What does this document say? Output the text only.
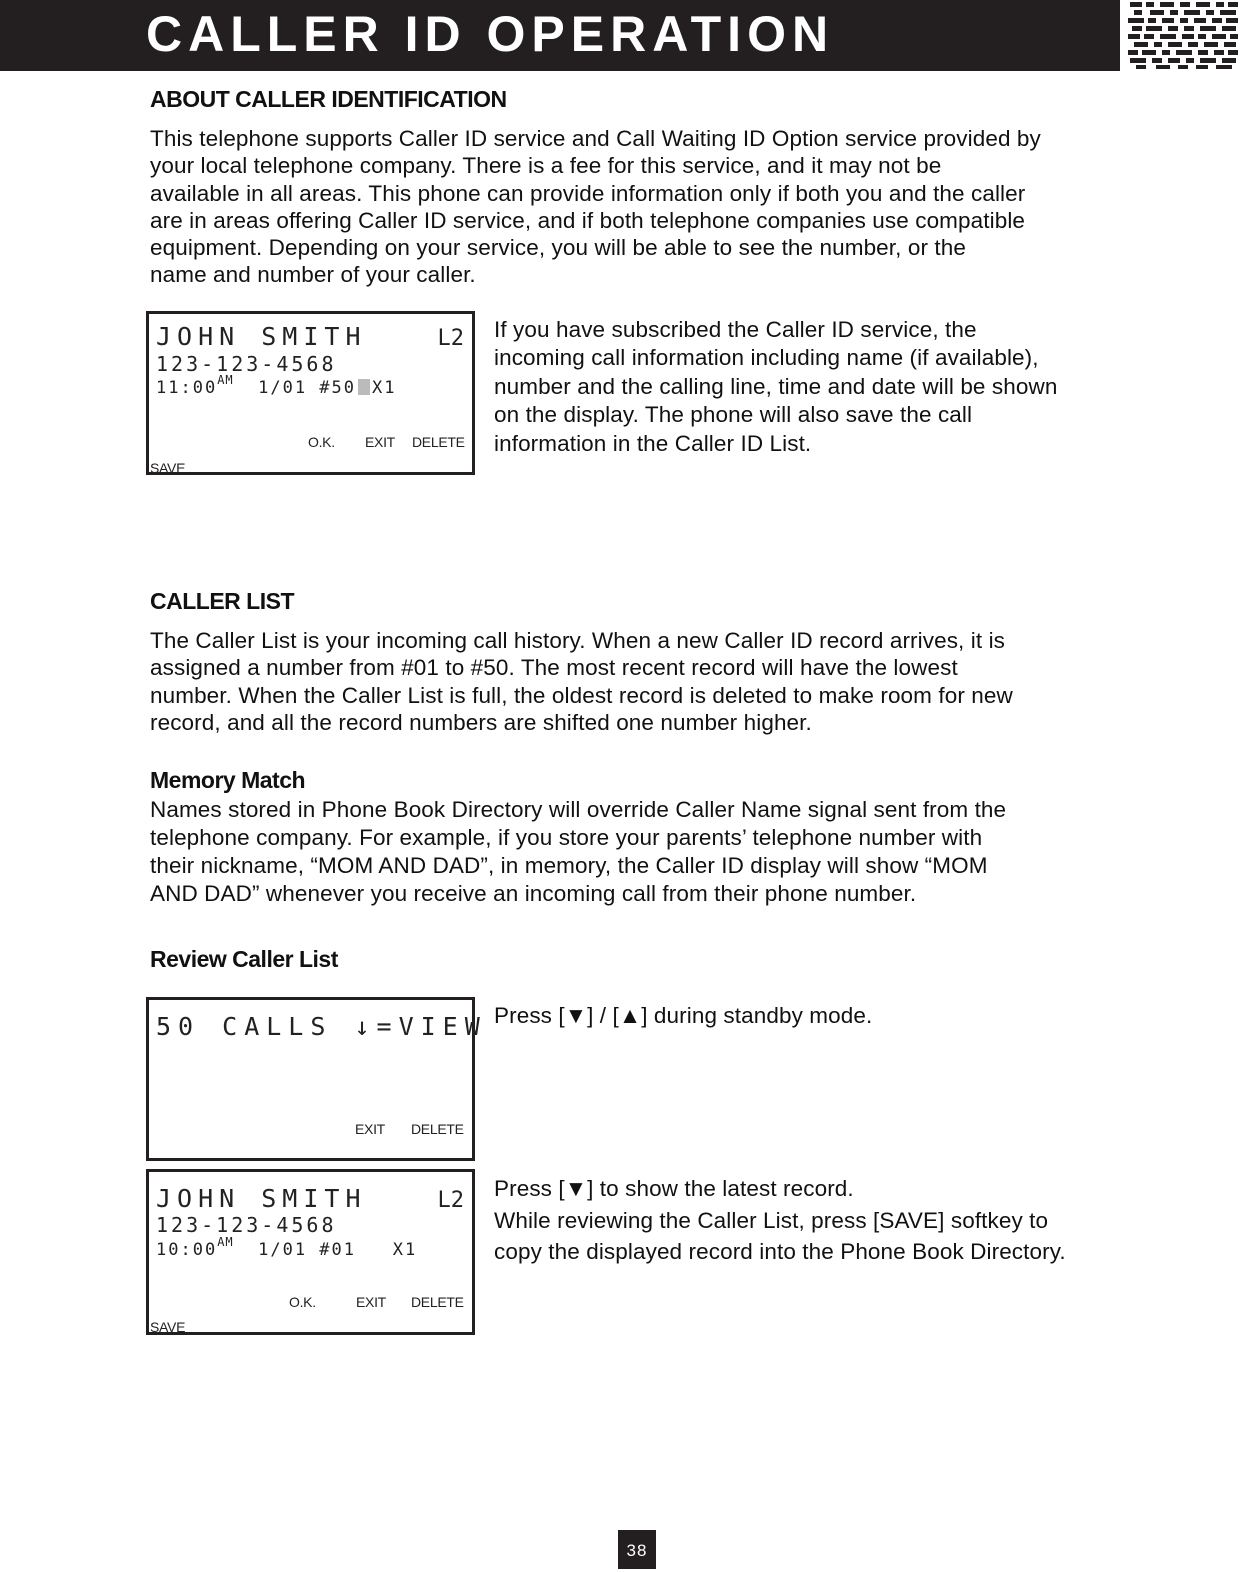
CALLER ID OPERATION
ABOUT CALLER IDENTIFICATION
This telephone supports Caller ID service and Call Waiting ID Option service provided by
your local telephone company. There is a fee for this service, and it may not be
available in all areas. This phone can provide information only if both you and the caller
are in areas offering Caller ID service, and if both telephone companies use compatible
equipment. Depending on your service, you will be able to see the number, or the
name and number of your caller.
JOHN SMITH	L2
123-123-4568
$11:00^{AM}$ 1/01 #50 X1
O.K. EXIT DELETE
SAVE
If you have subscribed the Caller ID service, the
incoming call information including name (if available),
number and the calling line, time and date will be shown
on the display. The phone will also save the call
information in the Caller ID List.
CALLER LIST
The Caller List is your incoming call history. When a new Caller ID record arrives, it is
assigned a number from #01 to #50. The most recent record will have the lowest
number. When the Caller List is full, the oldest record is deleted to make room for new
record, and all the record numbers are shifted one number higher.
Memory Match
Names stored in Phone Book Directory will override Caller Name signal sent from the
telephone company. For example, if you store your parents’ telephone number with
their nickname, “MOM AND DAD”, in memory, the Caller ID display will show “MOM
AND DAD” whenever you receive an incoming call from their phone number.
Review Caller List
50 CALLS ↓=VIEW
EXIT DELETE
Press [▼] / [▲] during standby mode.
JOHN SMITH	L2
123-123-4568
$10:00^{AM}$ 1/01 #01 X1
O.K.	EXIT DELETE
SAVE
Press [▼] to show the latest record.
While reviewing the Caller List, press [SAVE] softkey to
copy the displayed record into the Phone Book Directory.
38
